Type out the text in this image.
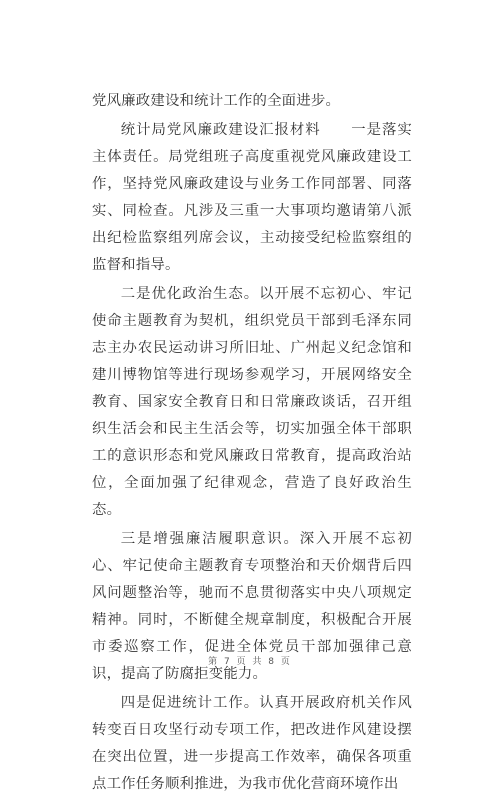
党风廉政建设和统计工作的全面进步。

统计局党风廉政建设汇报材料　　一是落实主体责任。局党组班子高度重视党风廉政建设工作，坚持党风廉政建设与业务工作同部署、同落实、同检查。凡涉及三重一大事项均邀请第八派出纪检监察组列席会议，主动接受纪检监察组的监督和指导。

二是优化政治生态。以开展不忘初心、牢记使命主题教育为契机，组织党员干部到毛泽东同志主办农民运动讲习所旧址、广州起义纪念馆和建川博物馆等进行现场参观学习，开展网络安全教育、国家安全教育日和日常廉政谈话，召开组织生活会和民主生活会等，切实加强全体干部职工的意识形态和党风廉政日常教育，提高政治站位，全面加强了纪律观念，营造了良好政治生态。

三是增强廉洁履职意识。深入开展不忘初心、牢记使命主题教育专项整治和天价烟背后四风问题整治等，驰而不息贯彻落实中央八项规定精神。同时，不断健全规章制度，积极配合开展市委巡察工作，促进全体党员干部加强律己意识，提高了防腐拒变能力。

四是促进统计工作。认真开展政府机关作风转变百日攻坚行动专项工作，把改进作风建设摆在突出位置，进一步提高工作效率，确保各项重点工作任务顺利推进，为我市优化营商环境作出

第 7 页 共 8 页
